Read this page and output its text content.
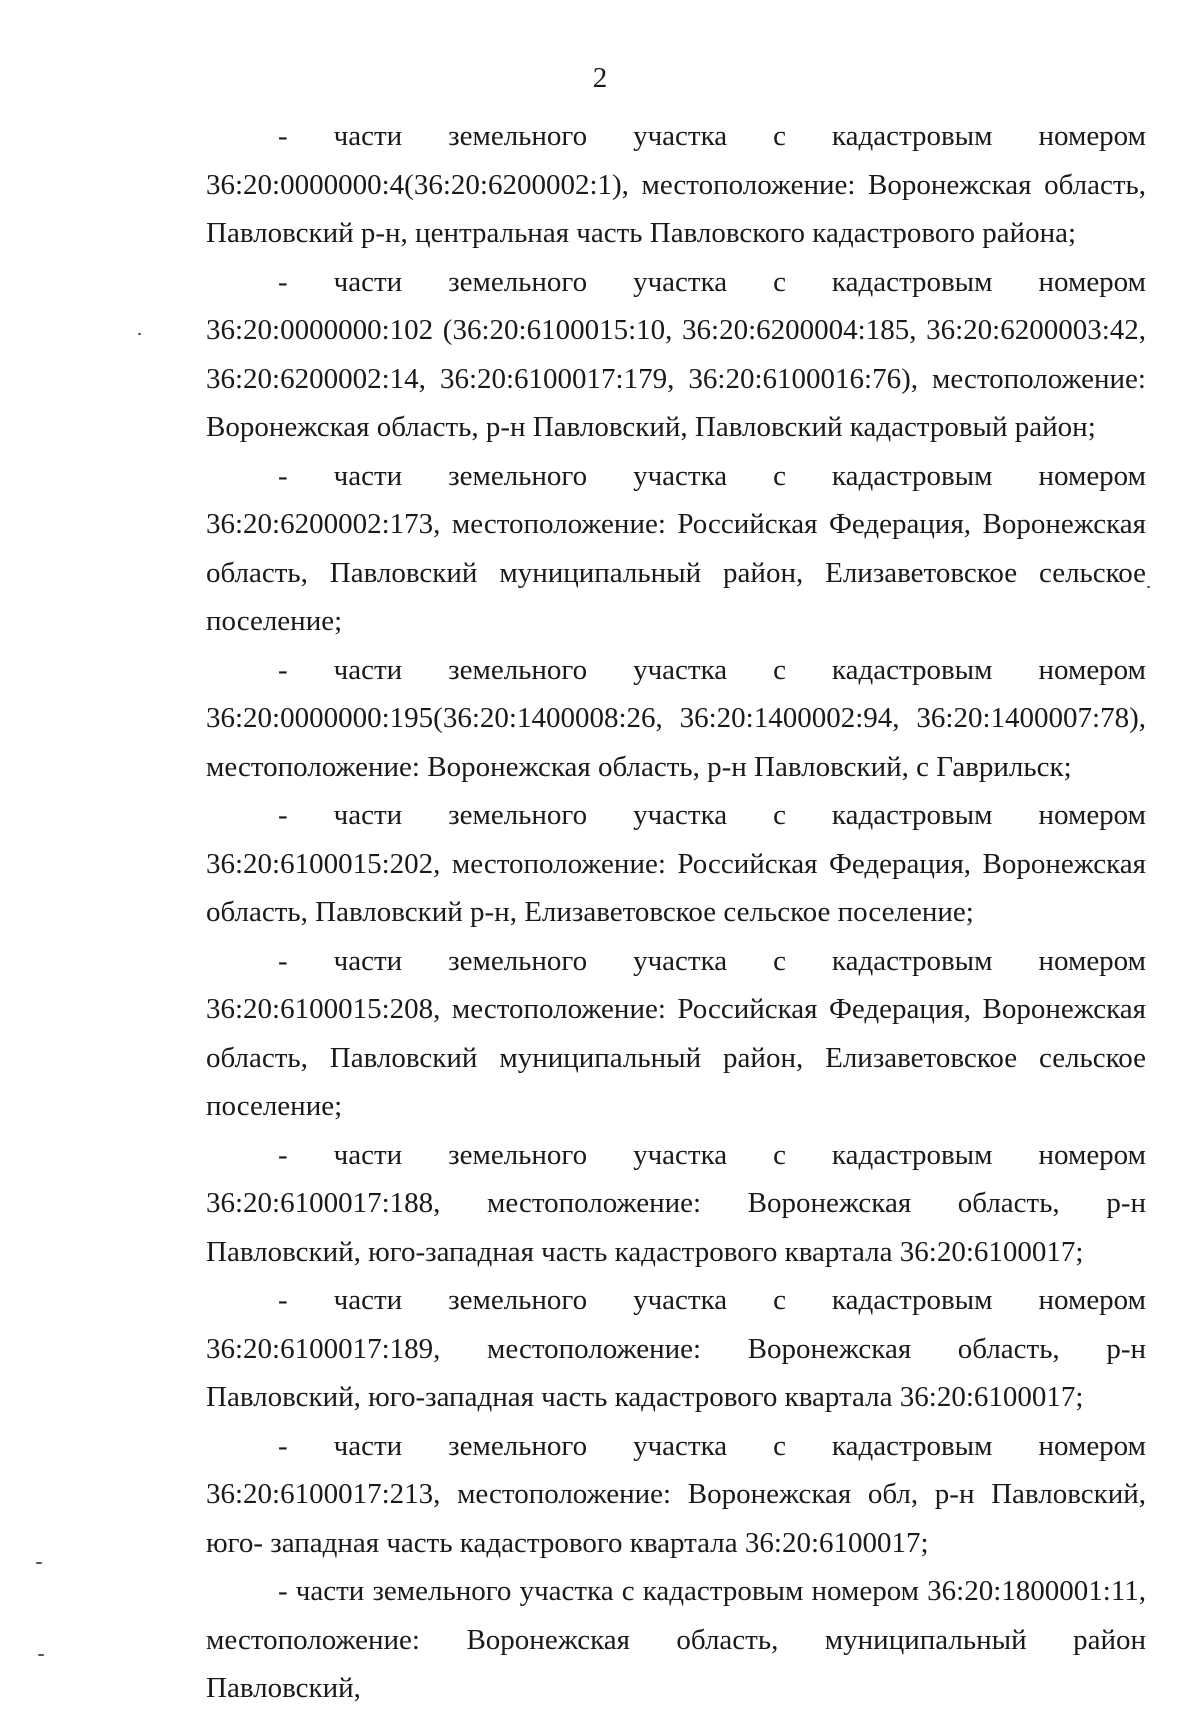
2

- части земельного участка с кадастровым номером 36:20:0000000:4(36:20:6200002:1), местоположение: Воронежская область, Павловский р-н, центральная часть Павловского кадастрового района;

- части земельного участка с кадастровым номером 36:20:0000000:102 (36:20:6100015:10, 36:20:6200004:185, 36:20:6200003:42, 36:20:6200002:14, 36:20:6100017:179, 36:20:6100016:76), местоположение: Воронежская область, р-н Павловский, Павловский кадастровый район;

- части земельного участка с кадастровым номером 36:20:6200002:173, местоположение: Российская Федерация, Воронежская область, Павловский муниципальный район, Елизаветовское сельское поселение;

- части земельного участка с кадастровым номером 36:20:0000000:195(36:20:1400008:26, 36:20:1400002:94, 36:20:1400007:78), местоположение: Воронежская область, р-н Павловский, с Гаврильск;

- части земельного участка с кадастровым номером 36:20:6100015:202, местоположение: Российская Федерация, Воронежская область, Павловский р-н, Елизаветовское сельское поселение;

- части земельного участка с кадастровым номером 36:20:6100015:208, местоположение: Российская Федерация, Воронежская область, Павловский муниципальный район, Елизаветовское сельское поселение;

- части земельного участка с кадастровым номером 36:20:6100017:188, местоположение: Воронежская область, р-н Павловский, юго-западная часть кадастрового квартала 36:20:6100017;

- части земельного участка с кадастровым номером 36:20:6100017:189, местоположение: Воронежская область, р-н Павловский, юго-западная часть кадастрового квартала 36:20:6100017;

- части земельного участка с кадастровым номером 36:20:6100017:213, местоположение: Воронежская обл, р-н Павловский, юго- западная часть кадастрового квартала 36:20:6100017;

- части земельного участка с кадастровым номером 36:20:1800001:11, местоположение: Воронежская область, муниципальный район Павловский,
